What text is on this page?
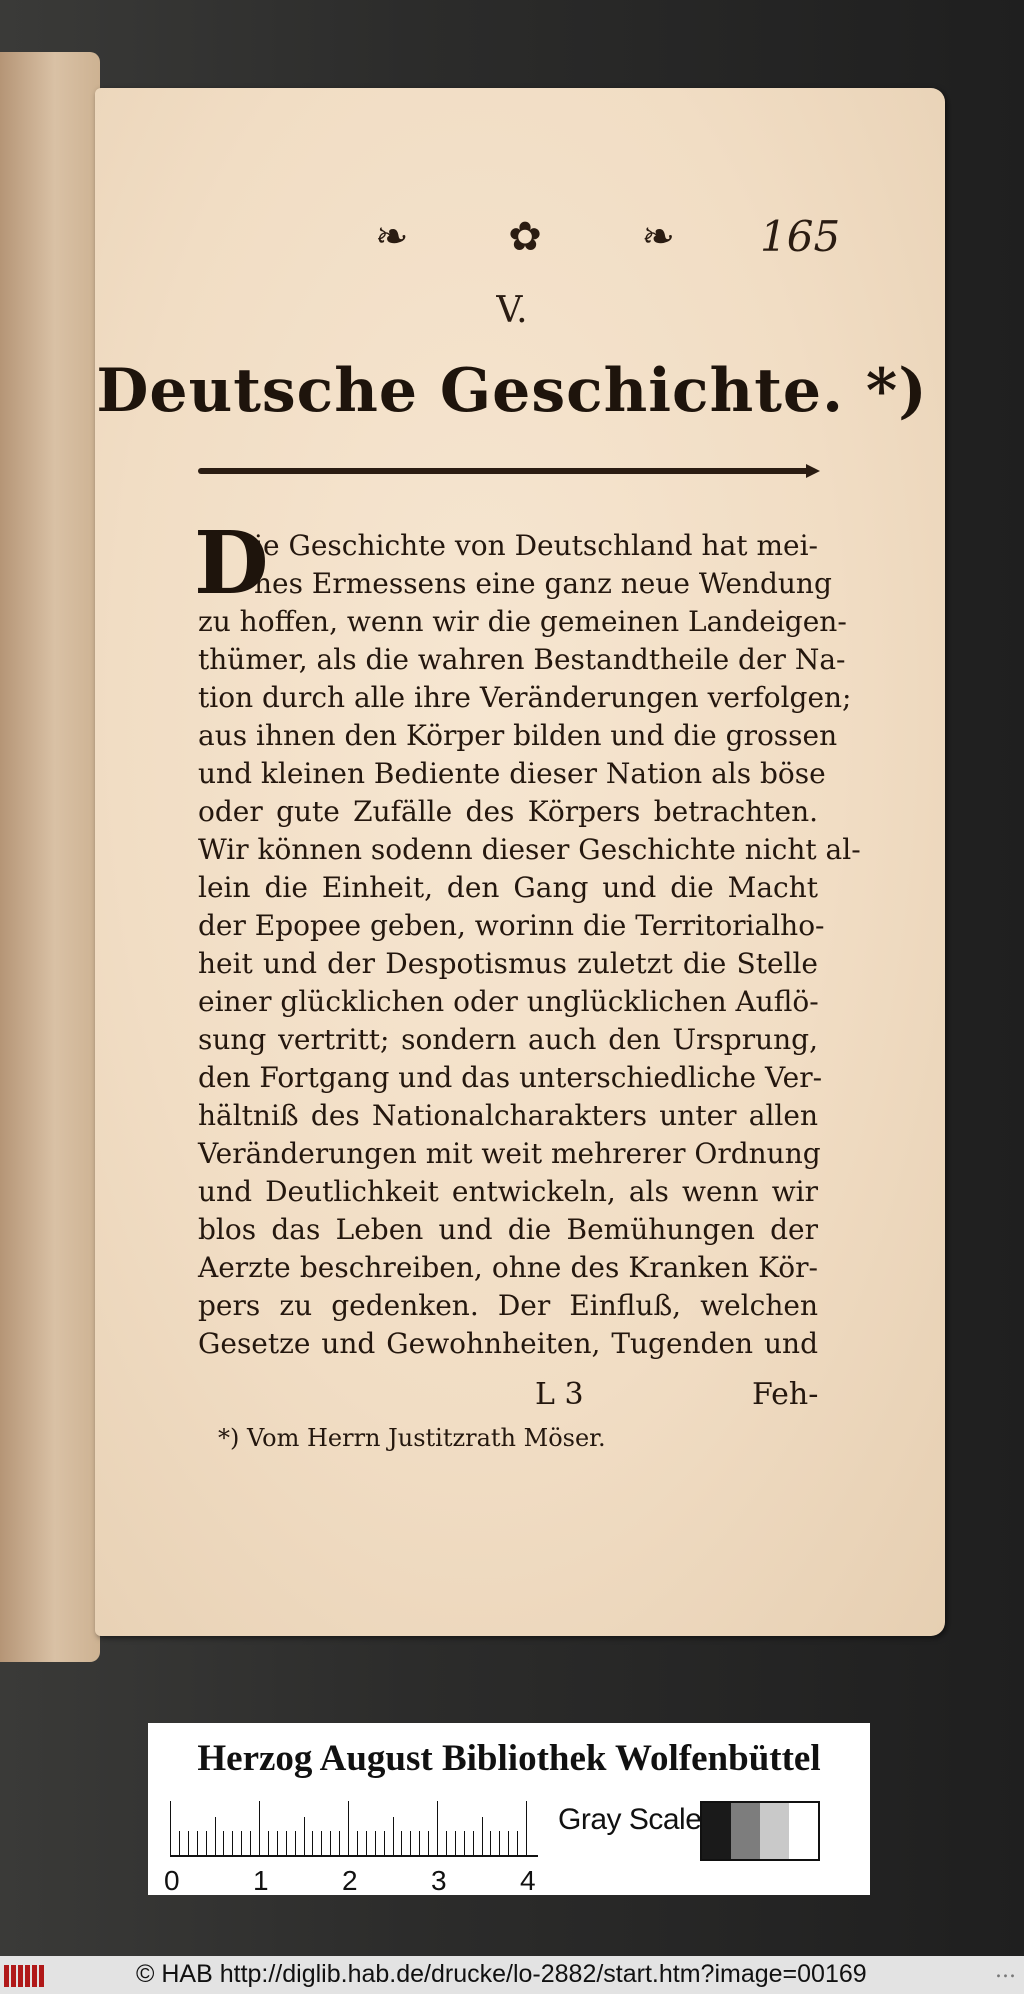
❧ ✿ ❧ 165
V.
Deutsche Geschichte. *)
D
ie Geschichte von Deutschland hat mei-
nes Ermessens eine ganz neue Wendung
zu hoffen, wenn wir die gemeinen Landeigen-
thümer, als die wahren Bestandtheile der Na-
tion durch alle ihre Veränderungen verfolgen;
aus ihnen den Körper bilden und die grossen
und kleinen Bediente dieser Nation als böse
oder gute Zufälle des Körpers betrachten.
Wir können sodenn dieser Geschichte nicht al-
lein die Einheit, den Gang und die Macht
der Epopee geben, worinn die Territorialho-
heit und der Despotismus zuletzt die Stelle
einer glücklichen oder unglücklichen Auflö-
sung vertritt; sondern auch den Ursprung,
den Fortgang und das unterschiedliche Ver-
hältniß des Nationalcharakters unter allen
Veränderungen mit weit mehrerer Ordnung
und Deutlichkeit entwickeln, als wenn wir
blos das Leben und die Bemühungen der
Aerzte beschreiben, ohne des Kranken Kör-
pers zu gedenken. Der Einfluß, welchen
Gesetze und Gewohnheiten, Tugenden und
L 3	Feh-
*) Vom Herrn Justitzrath Möser.
Herzog August Bibliothek Wolfenbüttel
0	1	2	3	4
Gray Scale
© HAB http://diglib.hab.de/drucke/lo-2882/start.htm?image=00169	...
